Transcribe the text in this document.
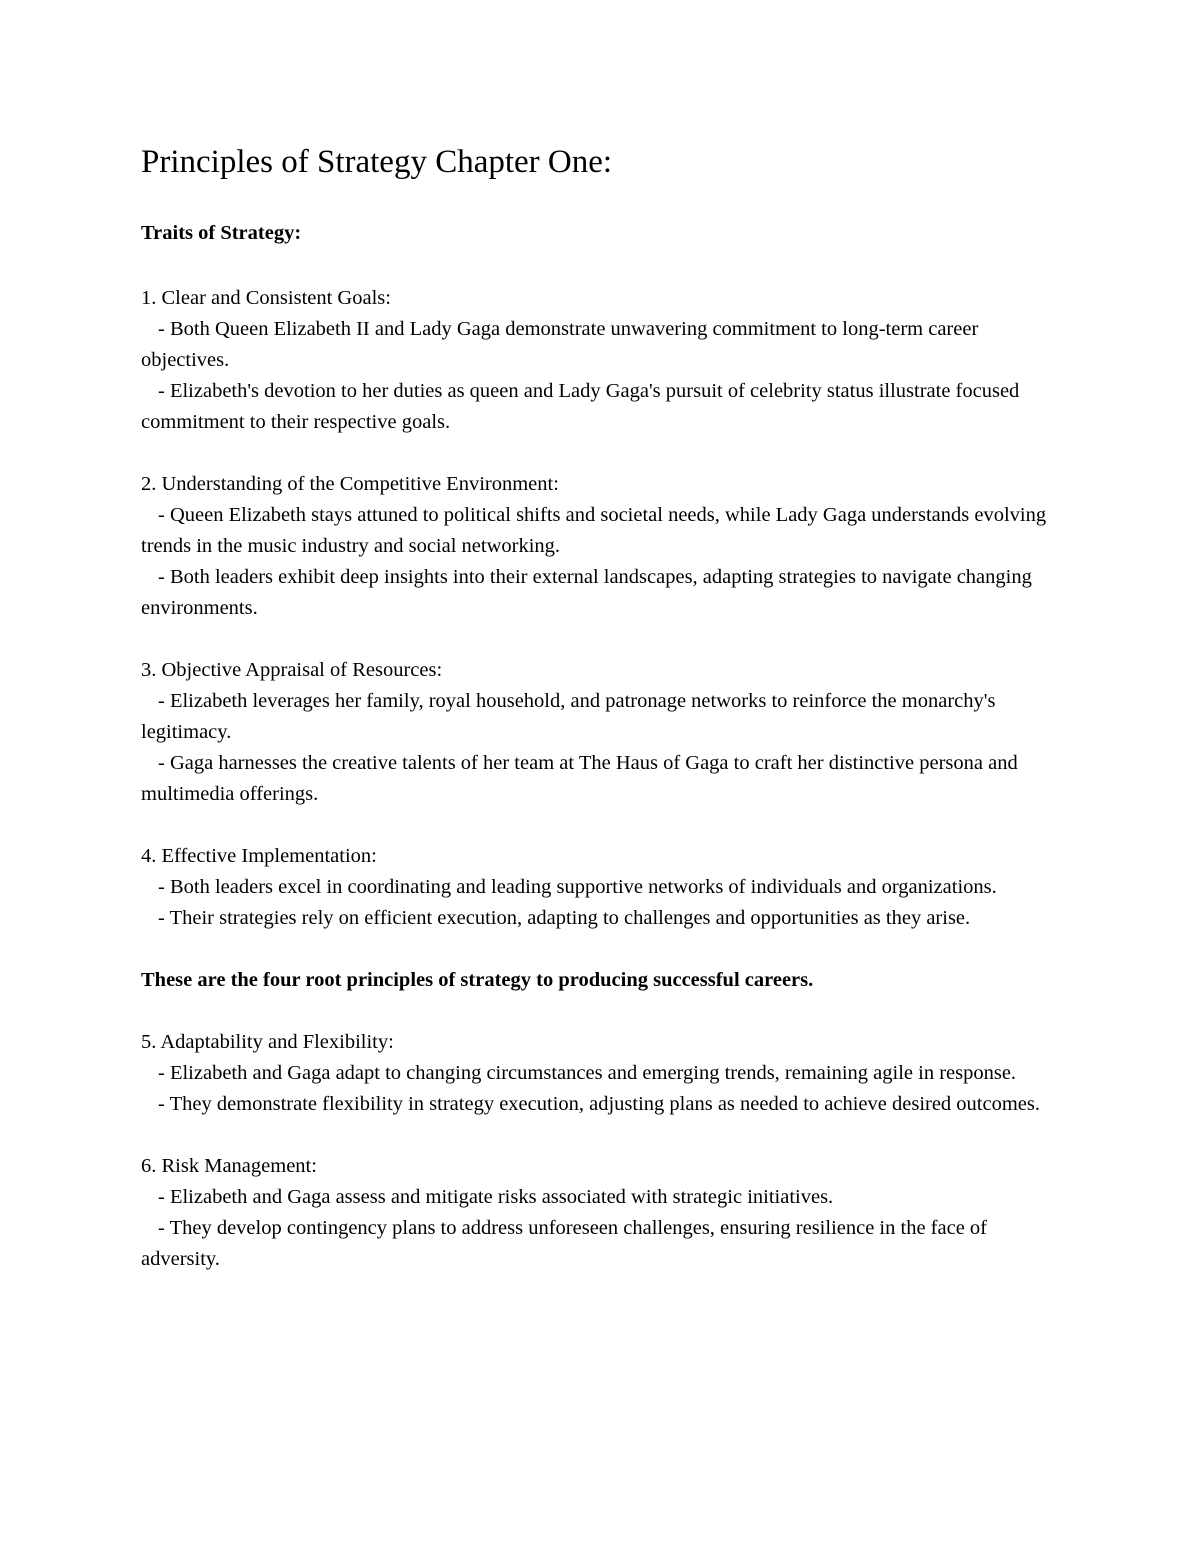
Principles of Strategy Chapter One:

Traits of Strategy:

1. Clear and Consistent Goals:

- Both Queen Elizabeth II and Lady Gaga demonstrate unwavering commitment to long-term career objectives.

- Elizabeth's devotion to her duties as queen and Lady Gaga's pursuit of celebrity status illustrate focused commitment to their respective goals.

2. Understanding of the Competitive Environment:

- Queen Elizabeth stays attuned to political shifts and societal needs, while Lady Gaga understands evolving trends in the music industry and social networking.

- Both leaders exhibit deep insights into their external landscapes, adapting strategies to navigate changing environments.

3. Objective Appraisal of Resources:

- Elizabeth leverages her family, royal household, and patronage networks to reinforce the monarchy's legitimacy.

- Gaga harnesses the creative talents of her team at The Haus of Gaga to craft her distinctive persona and multimedia offerings.

4. Effective Implementation:

- Both leaders excel in coordinating and leading supportive networks of individuals and organizations.

- Their strategies rely on efficient execution, adapting to challenges and opportunities as they arise.

These are the four root principles of strategy to producing successful careers.

5. Adaptability and Flexibility:

- Elizabeth and Gaga adapt to changing circumstances and emerging trends, remaining agile in response.

- They demonstrate flexibility in strategy execution, adjusting plans as needed to achieve desired outcomes.

6. Risk Management:

- Elizabeth and Gaga assess and mitigate risks associated with strategic initiatives.

- They develop contingency plans to address unforeseen challenges, ensuring resilience in the face of adversity.
